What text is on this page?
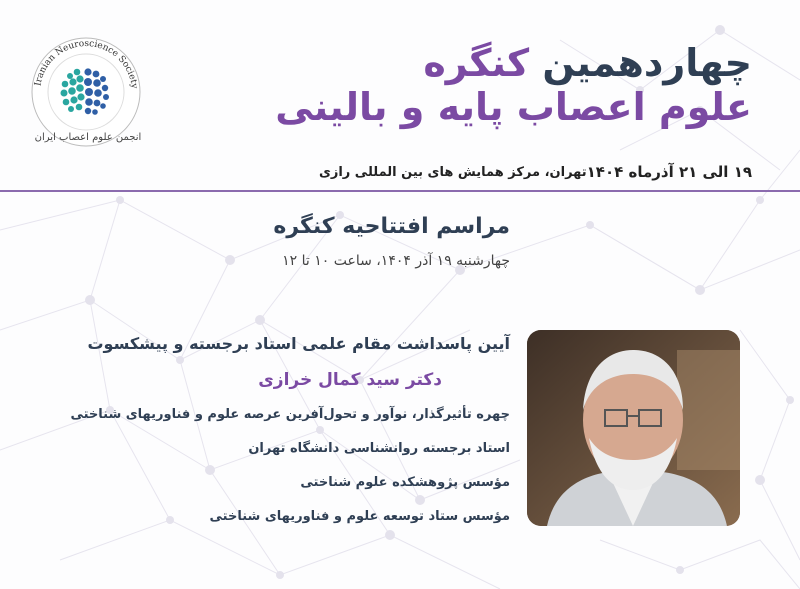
Iranian Neuroscience Society
انجمن علوم اعصاب ایران
چهاردهمین کنگره
علوم اعصاب پایه و بالینی
۱۹ الی ۲۱ آذرماه ۱۴۰۴
تهران، مرکز همایش های بین المللی رازی
مراسم افتتاحیه کنگره
چهارشنبه ۱۹ آذر ۱۴۰۴، ساعت ۱۰ تا ۱۲
آیین پاسداشت مقام علمی استاد برجسته و پیشکسوت
دکتر سید کمال خرازی
چهره تأثیرگذار، نوآور و تحول‌آفرین عرصه علوم و فناوریهای شناختی
استاد برجسته روانشناسی دانشگاه تهران
مؤسس پژوهشکده علوم شناختی
مؤسس ستاد توسعه علوم و فناوریهای شناختی
